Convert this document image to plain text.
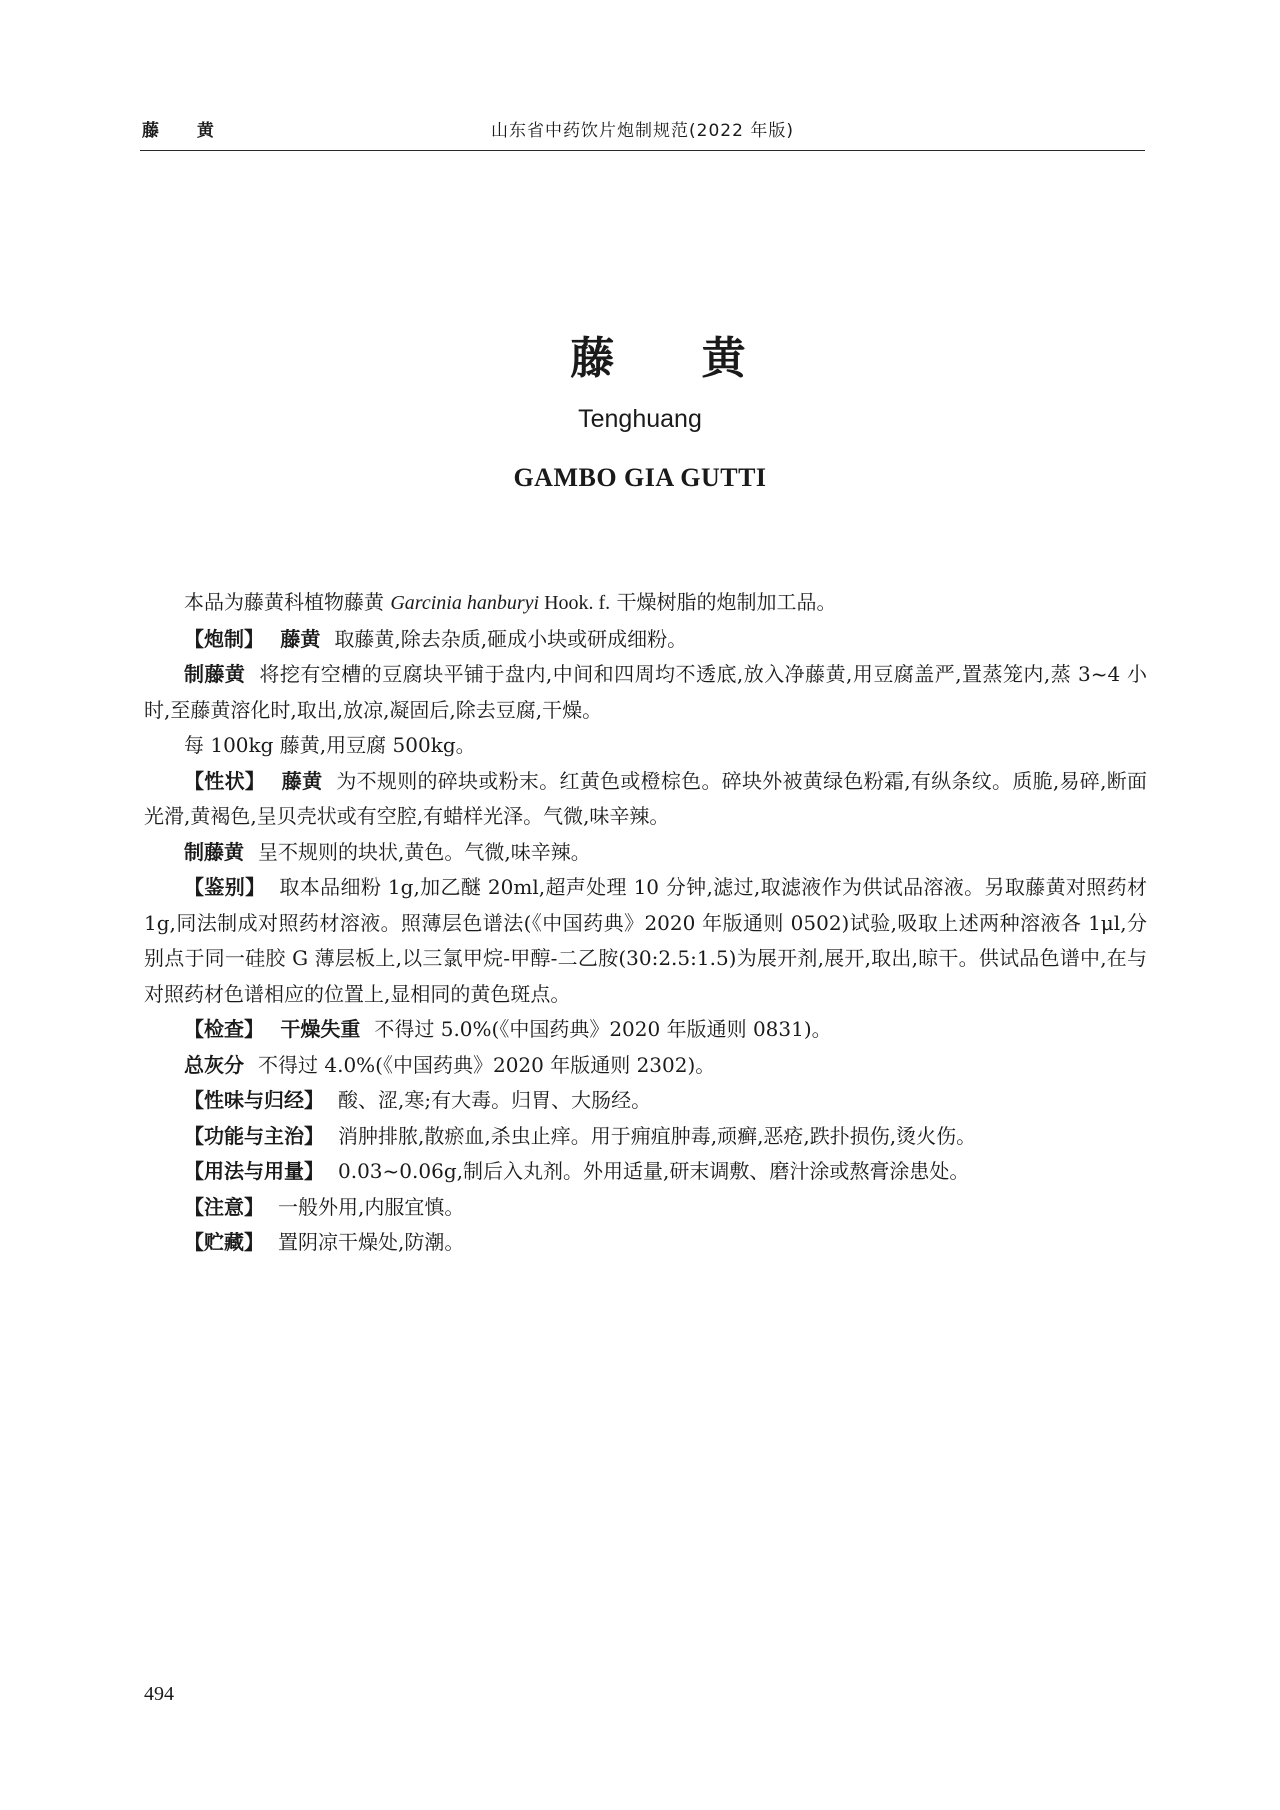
藤 黄	山东省中药饮片炮制规范(2022 年版)
藤 黄
Tenghuang
GAMBO GIA GUTTI

本品为藤黄科植物藤黄 Garcinia hanburyi Hook. f. 干燥树脂的炮制加工品。

【炮制】 藤黄 取藤黄,除去杂质,砸成小块或研成细粉。

制藤黄 将挖有空槽的豆腐块平铺于盘内,中间和四周均不透底,放入净藤黄,用豆腐盖严,置蒸笼内,蒸 3~4 小时,至藤黄溶化时,取出,放凉,凝固后,除去豆腐,干燥。

每 100kg 藤黄,用豆腐 500kg。

【性状】 藤黄 为不规则的碎块或粉末。红黄色或橙棕色。碎块外被黄绿色粉霜,有纵条纹。质脆,易碎,断面光滑,黄褐色,呈贝壳状或有空腔,有蜡样光泽。气微,味辛辣。

制藤黄 呈不规则的块状,黄色。气微,味辛辣。

【鉴别】 取本品细粉 1g,加乙醚 20ml,超声处理 10 分钟,滤过,取滤液作为供试品溶液。另取藤黄对照药材 1g,同法制成对照药材溶液。照薄层色谱法(《中国药典》2020 年版通则 0502)试验,吸取上述两种溶液各 1μl,分别点于同一硅胶 G 薄层板上,以三氯甲烷-甲醇-二乙胺(30:2.5:1.5)为展开剂,展开,取出,晾干。供试品色谱中,在与对照药材色谱相应的位置上,显相同的黄色斑点。

【检查】 干燥失重 不得过 5.0%(《中国药典》2020 年版通则 0831)。

总灰分 不得过 4.0%(《中国药典》2020 年版通则 2302)。

【性味与归经】 酸、涩,寒;有大毒。归胃、大肠经。

【功能与主治】 消肿排脓,散瘀血,杀虫止痒。用于痈疽肿毒,顽癣,恶疮,跌扑损伤,烫火伤。

【用法与用量】 0.03~0.06g,制后入丸剂。外用适量,研末调敷、磨汁涂或熬膏涂患处。

【注意】 一般外用,内服宜慎。

【贮藏】 置阴凉干燥处,防潮。

494
